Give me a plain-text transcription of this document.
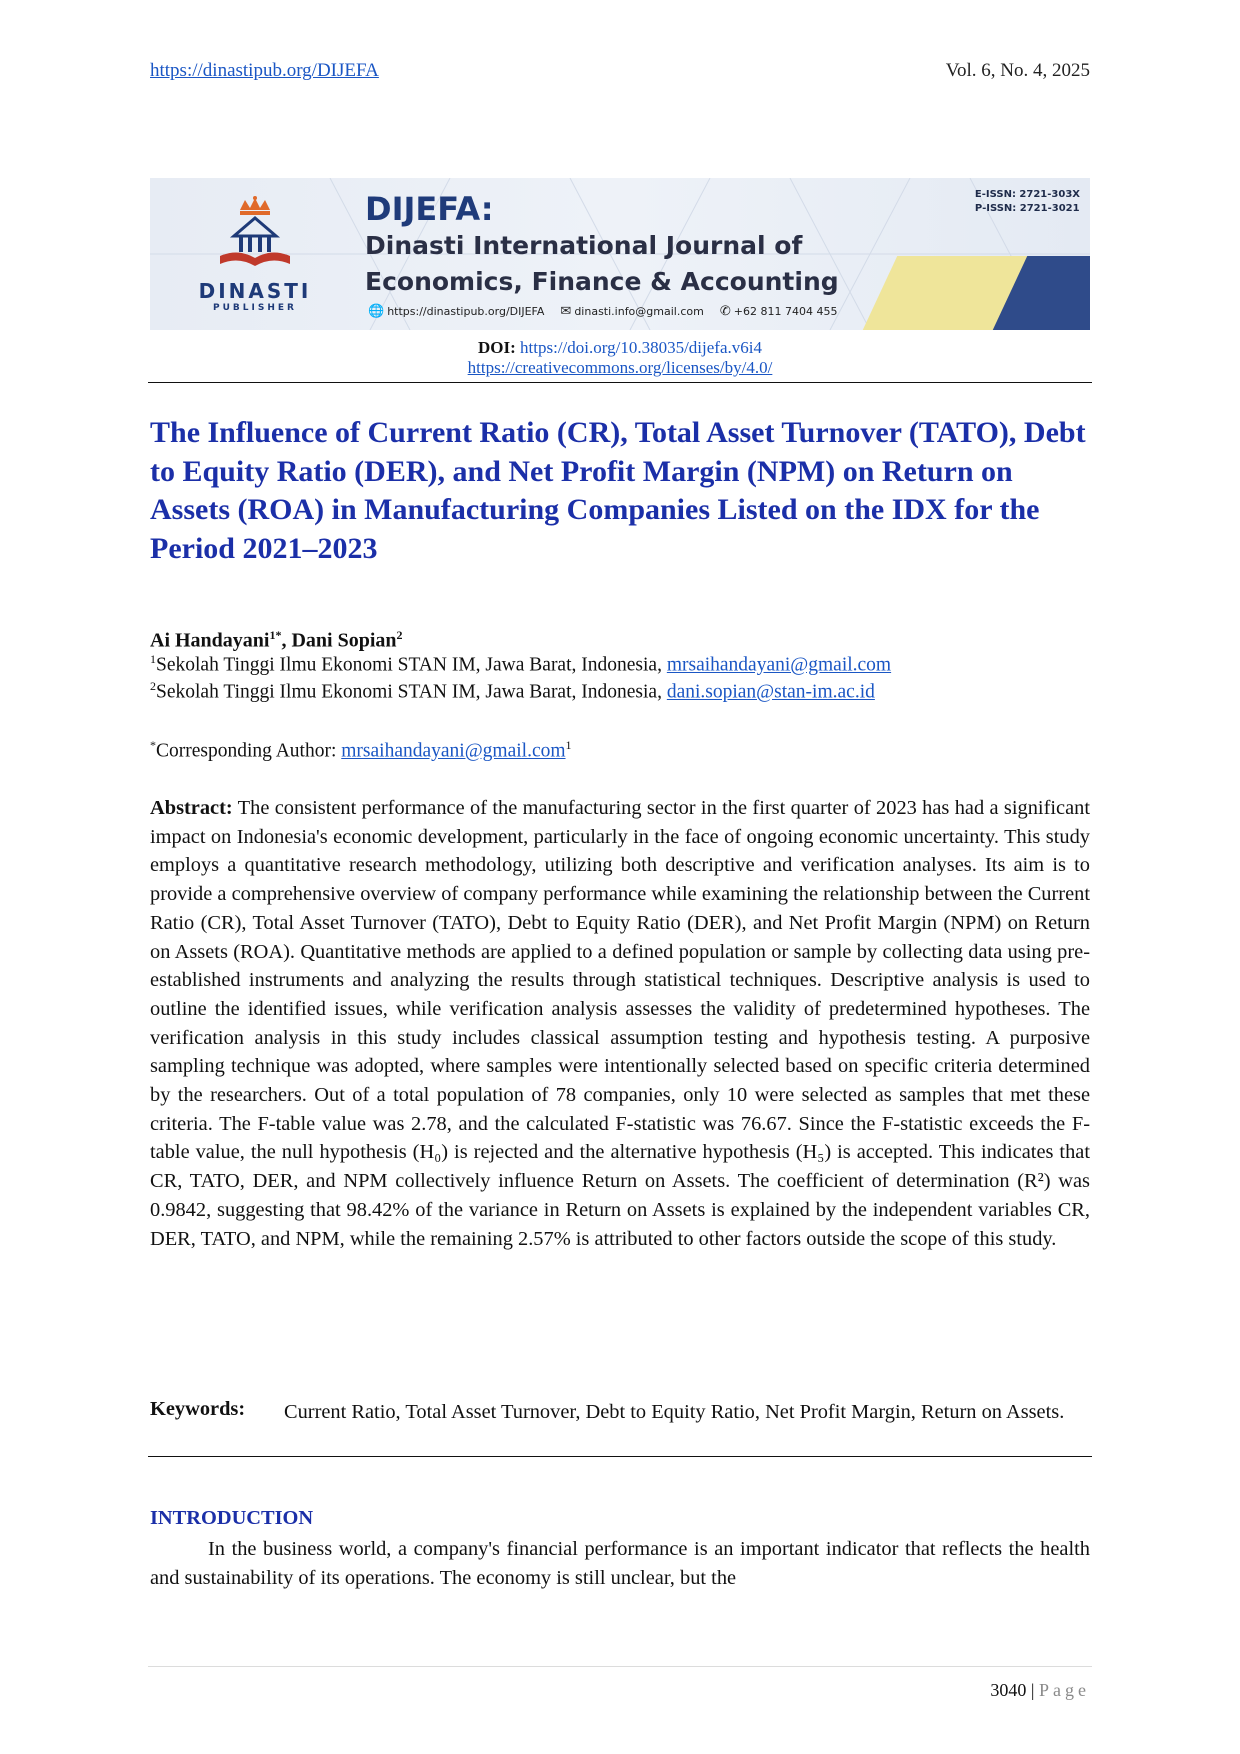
https://dinastipub.org/DIJEFA	Vol. 6, No. 4, 2025
DINASTI
PUBLISHER
DIJEFA:
Dinasti International Journal of
Economics, Finance & Accounting
🌐 https://dinastipub.org/DIJEFA ✉ dinasti.info@gmail.com ✆ +62 811 7404 455
E-ISSN: 2721-303X
P-ISSN: 2721-3021
DOI: https://doi.org/10.38035/dijefa.v6i4
https://creativecommons.org/licenses/by/4.0/
The Influence of Current Ratio (CR), Total Asset Turnover (TATO), Debt to Equity Ratio (DER), and Net Profit Margin (NPM) on Return on Assets (ROA) in Manufacturing Companies Listed on the IDX for the Period 2021–2023
Ai Handayani$^{1*}$, Dani Sopian$^2$
$^1$Sekolah Tinggi Ilmu Ekonomi STAN IM, Jawa Barat, Indonesia, mrsaihandayani@gmail.com
$^2$Sekolah Tinggi Ilmu Ekonomi STAN IM, Jawa Barat, Indonesia, dani.sopian@stan-im.ac.id
*Corresponding Author: mrsaihandayani@gmail.com$^1$

Abstract: The consistent performance of the manufacturing sector in the first quarter of 2023 has had a significant impact on Indonesia's economic development, particularly in the face of ongoing economic uncertainty. This study employs a quantitative research methodology, utilizing both descriptive and verification analyses. Its aim is to provide a comprehensive overview of company performance while examining the relationship between the Current Ratio (CR), Total Asset Turnover (TATO), Debt to Equity Ratio (DER), and Net Profit Margin (NPM) on Return on Assets (ROA). Quantitative methods are applied to a defined population or sample by collecting data using pre-established instruments and analyzing the results through statistical techniques. Descriptive analysis is used to outline the identified issues, while verification analysis assesses the validity of predetermined hypotheses. The verification analysis in this study includes classical assumption testing and hypothesis testing. A purposive sampling technique was adopted, where samples were intentionally selected based on specific criteria determined by the researchers. Out of a total population of 78 companies, only 10 were selected as samples that met these criteria. The F-table value was 2.78, and the calculated F-statistic was 76.67. Since the F-statistic exceeds the F-table value, the null hypothesis (H₀) is rejected and the alternative hypothesis (H₅) is accepted. This indicates that CR, TATO, DER, and NPM collectively influence Return on Assets. The coefficient of determination (R²) was 0.9842, suggesting that 98.42% of the variance in Return on Assets is explained by the independent variables CR, DER, TATO, and NPM, while the remaining 2.57% is attributed to other factors outside the scope of this study.

Keywords: Current Ratio, Total Asset Turnover, Debt to Equity Ratio, Net Profit Margin, Return on Assets.
INTRODUCTION

In the business world, a company's financial performance is an important indicator that reflects the health and sustainability of its operations. The economy is still unclear, but the

3040 | Page
